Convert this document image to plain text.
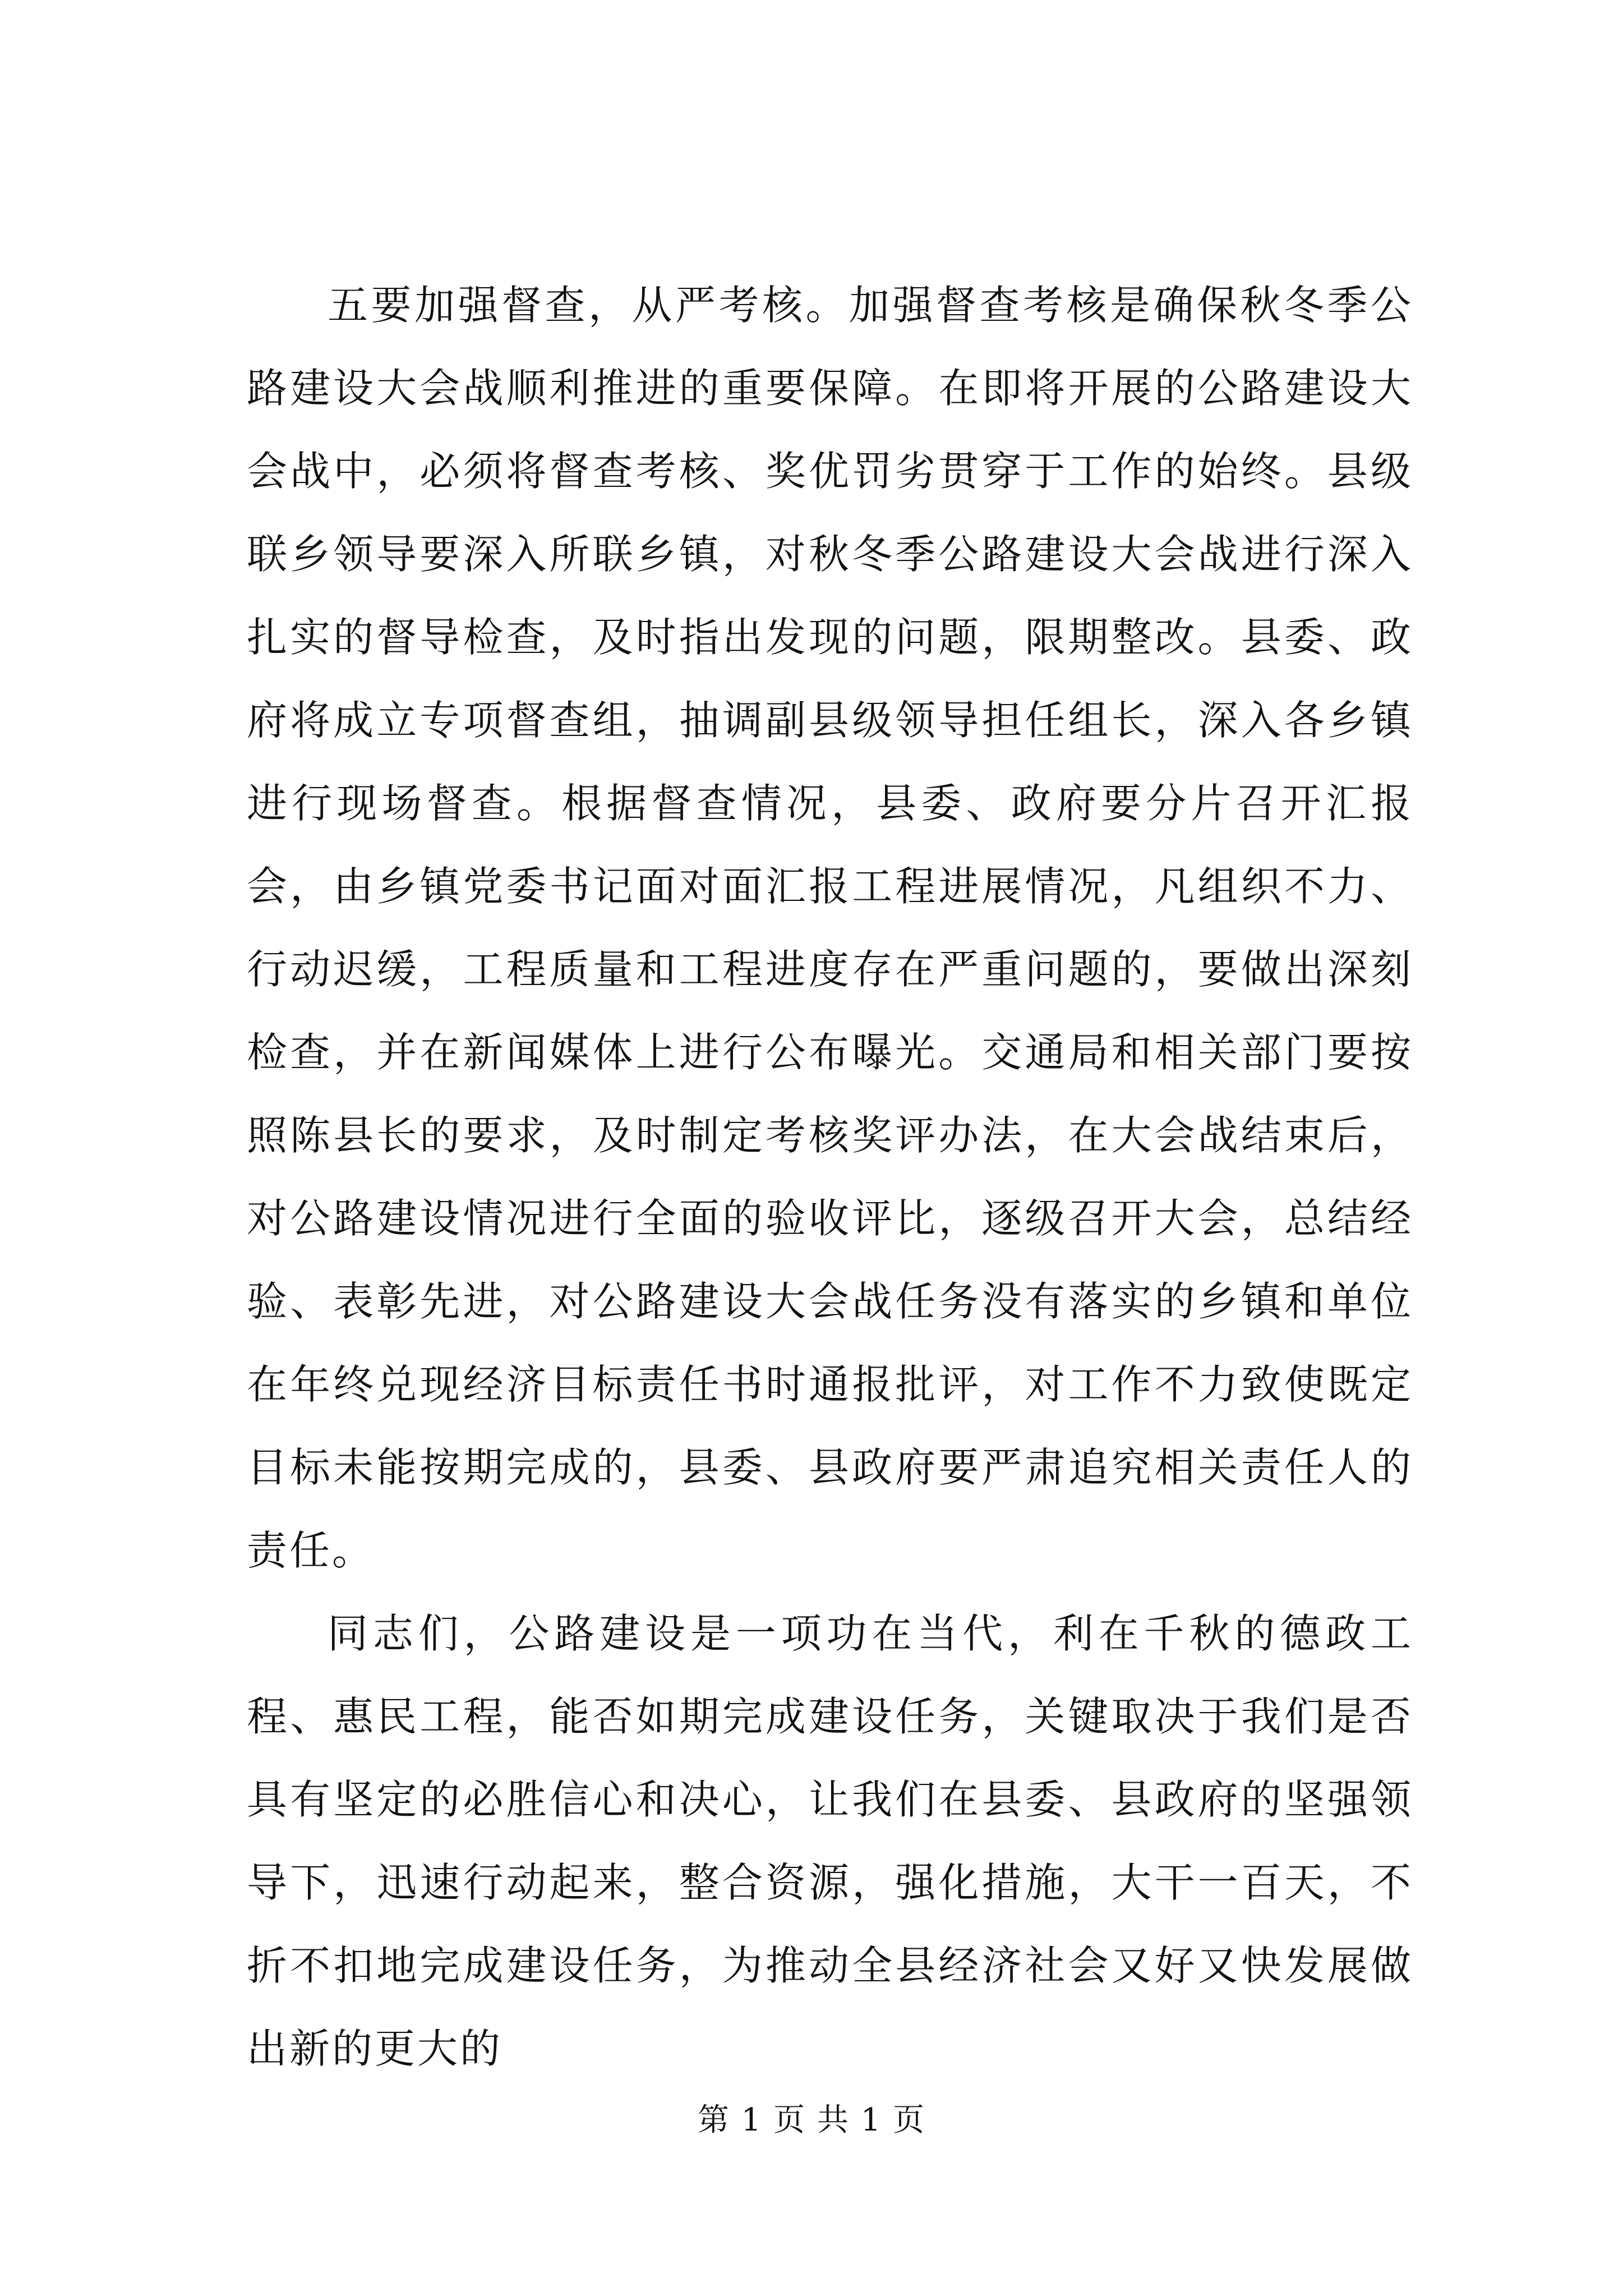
五要加强督查，从严考核。加强督查考核是确保秋冬季公路建设大会战顺利推进的重要保障。在即将开展的公路建设大会战中，必须将督查考核、奖优罚劣贯穿于工作的始终。县级联乡领导要深入所联乡镇，对秋冬季公路建设大会战进行深入扎实的督导检查，及时指出发现的问题，限期整改。县委、政府将成立专项督查组，抽调副县级领导担任组长，深入各乡镇进行现场督查。根据督查情况，县委、政府要分片召开汇报会，由乡镇党委书记面对面汇报工程进展情况，凡组织不力、行动迟缓，工程质量和工程进度存在严重问题的，要做出深刻检查，并在新闻媒体上进行公布曝光。交通局和相关部门要按照陈县长的要求，及时制定考核奖评办法，在大会战结束后，对公路建设情况进行全面的验收评比，逐级召开大会，总结经验、表彰先进，对公路建设大会战任务没有落实的乡镇和单位在年终兑现经济目标责任书时通报批评，对工作不力致使既定目标未能按期完成的，县委、县政府要严肃追究相关责任人的责任。

同志们，公路建设是一项功在当代，利在千秋的德政工程、惠民工程，能否如期完成建设任务，关键取决于我们是否具有坚定的必胜信心和决心，让我们在县委、县政府的坚强领导下，迅速行动起来，整合资源，强化措施，大干一百天，不折不扣地完成建设任务，为推动全县经济社会又好又快发展做出新的更大的

第 1 页 共 1 页
